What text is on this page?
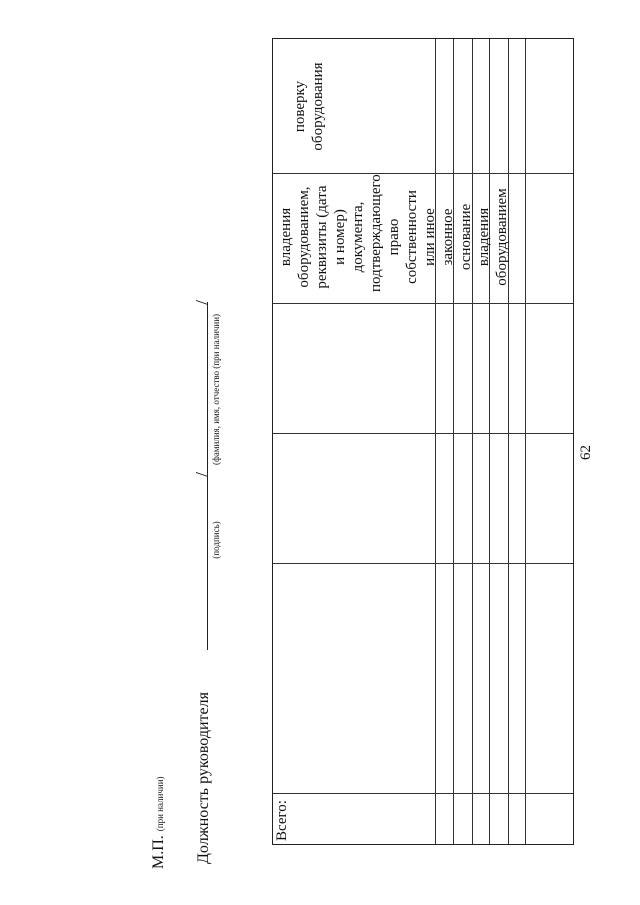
62
владения оборудованием, реквизиты (дата и номер) документа, подтверждающего право собственности или иное законное основание владения оборудованием
поверку оборудования
Всего:
Должность руководителя
(подпись)
/
(фамилия, имя, отчество (при наличии)
/
М.П. (при наличии)
